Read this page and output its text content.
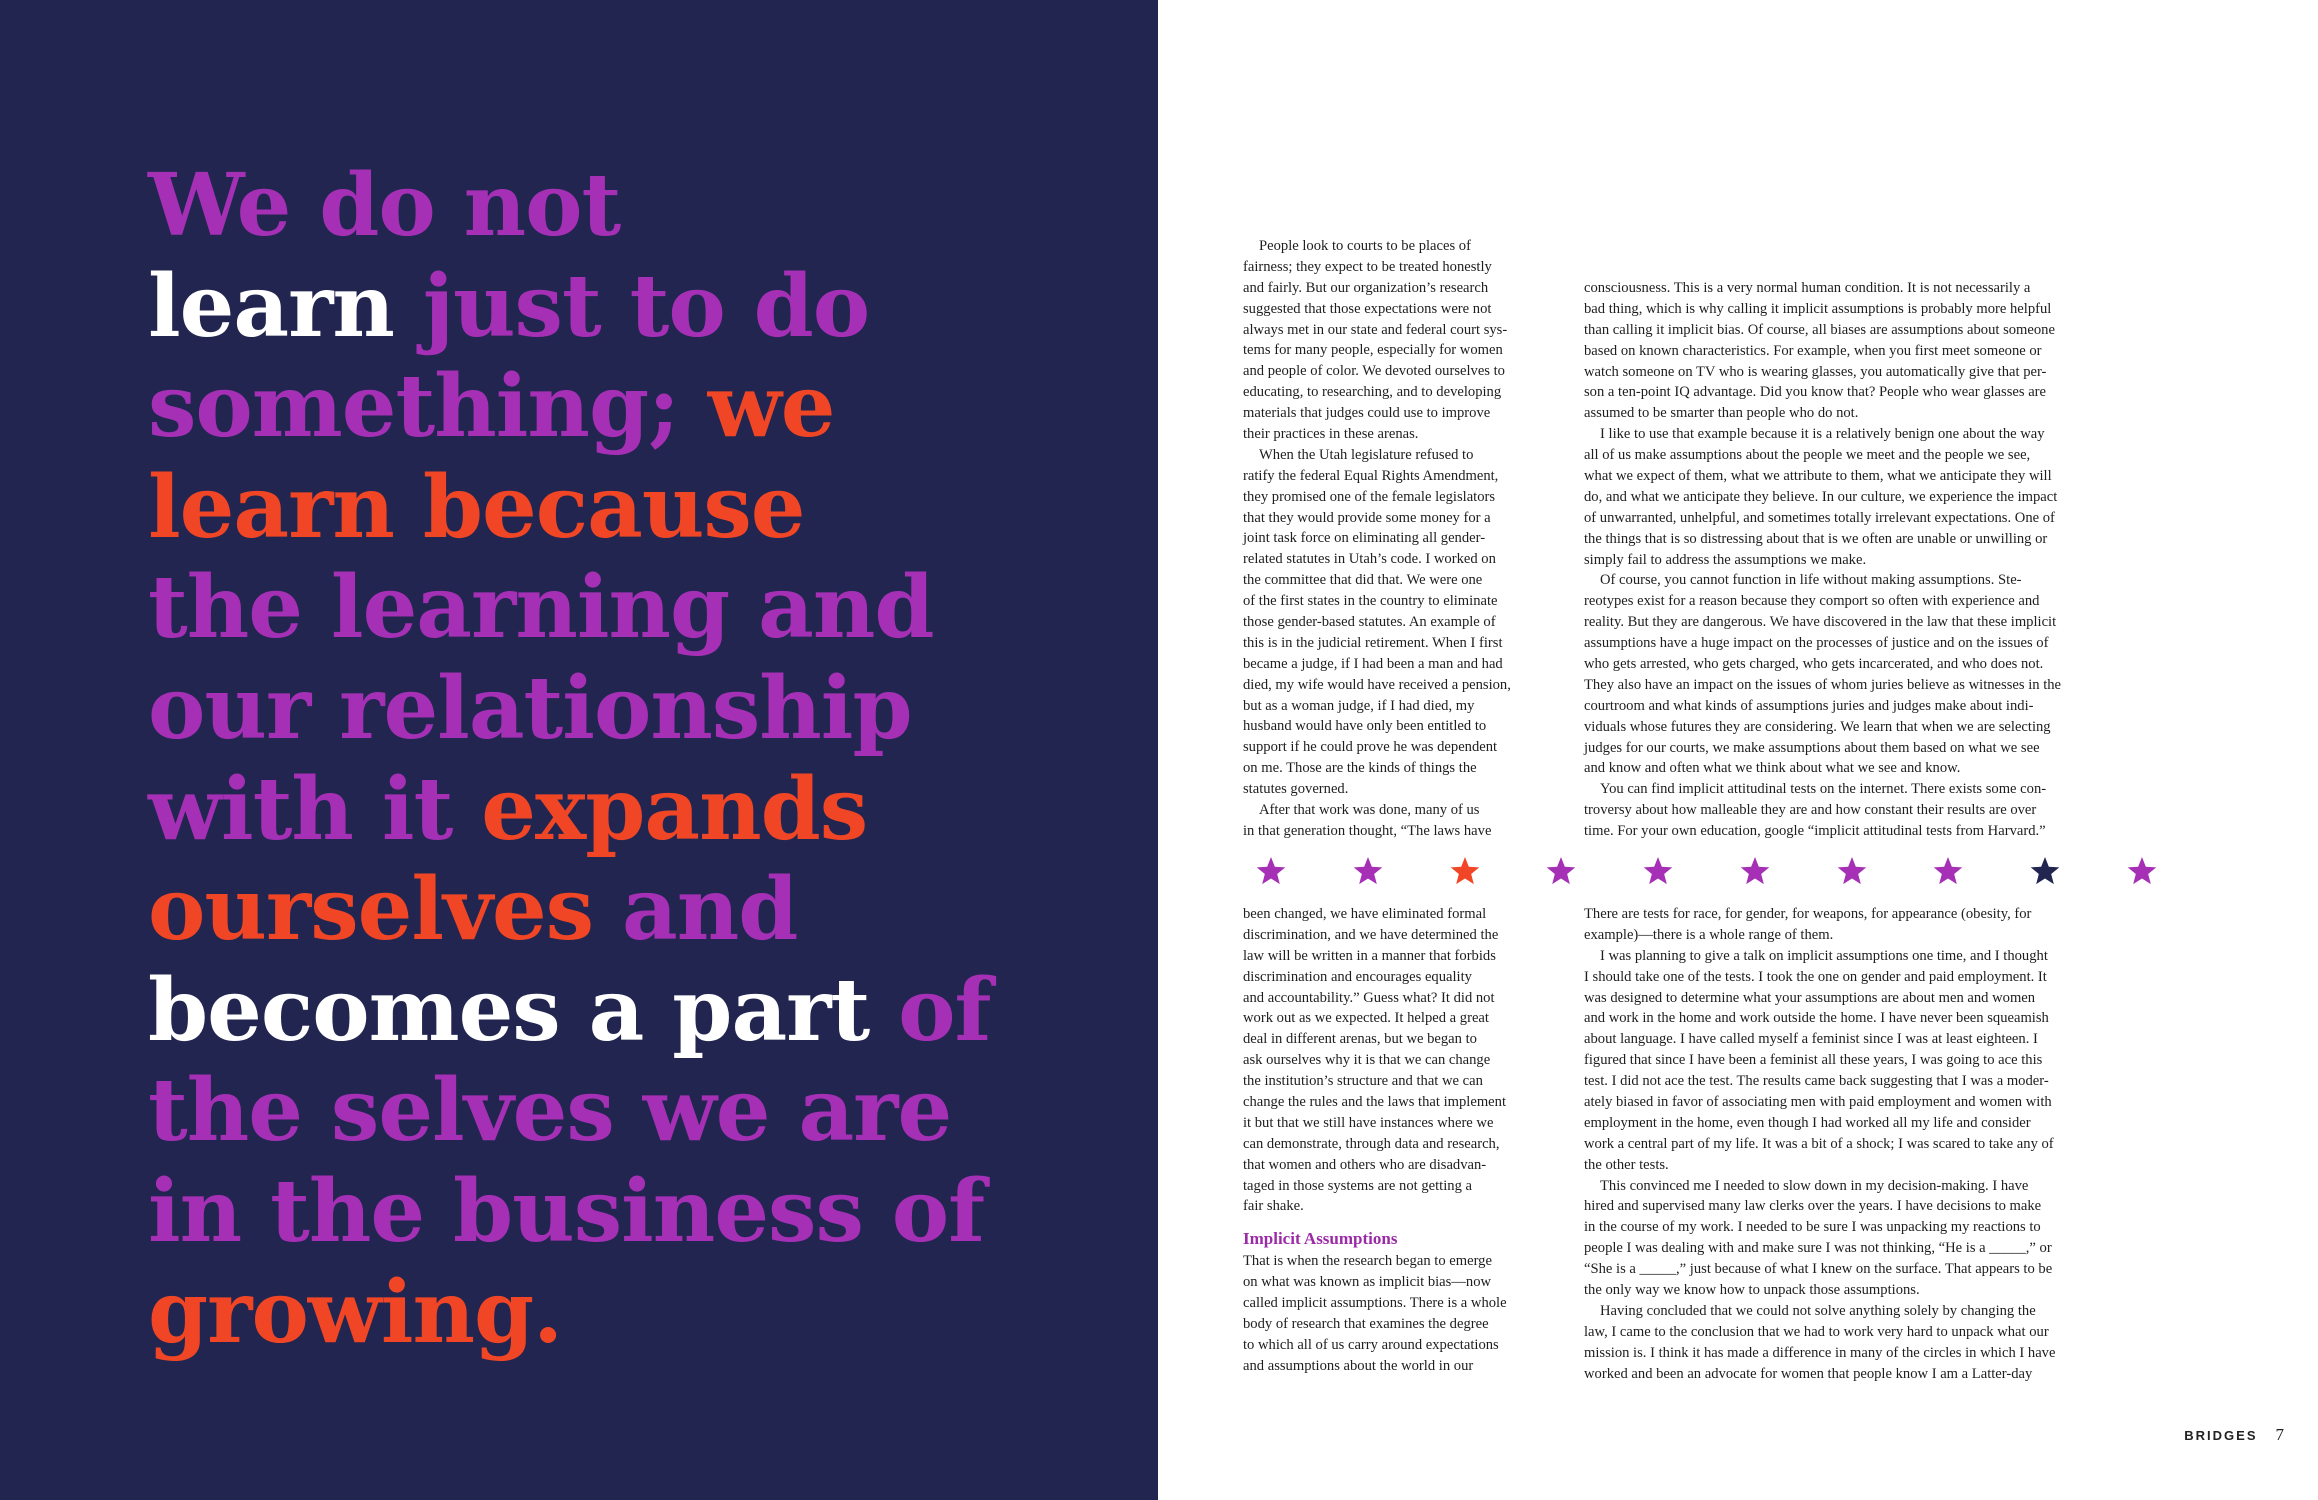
We do not
learn just to do
something; we
learn because
the learning and
our relationship
with it expands
ourselves and
becomes a part of
the selves we are
in the business of
growing.
People look to courts to be places of
fairness; they expect to be treated honestly
and fairly. But our organization’s research
suggested that those expectations were not
always met in our state and federal court sys-
tems for many people, especially for women
and people of color. We devoted ourselves to
educating, to researching, and to developing
materials that judges could use to improve
their practices in these arenas.
When the Utah legislature refused to
ratify the federal Equal Rights Amendment,
they promised one of the female legislators
that they would provide some money for a
joint task force on eliminating all gender-
related statutes in Utah’s code. I worked on
the committee that did that. We were one
of the first states in the country to eliminate
those gender-based statutes. An example of
this is in the judicial retirement. When I first
became a judge, if I had been a man and had
died, my wife would have received a pension,
but as a woman judge, if I had died, my
husband would have only been entitled to
support if he could prove he was dependent
on me. Those are the kinds of things the
statutes governed.
After that work was done, many of us
in that generation thought, “The laws have
consciousness. This is a very normal human condition. It is not necessarily a
bad thing, which is why calling it implicit assumptions is probably more helpful
than calling it implicit bias. Of course, all biases are assumptions about someone
based on known characteristics. For example, when you first meet someone or
watch someone on TV who is wearing glasses, you automatically give that per-
son a ten-point IQ advantage. Did you know that? People who wear glasses are
assumed to be smarter than people who do not.
I like to use that example because it is a relatively benign one about the way
all of us make assumptions about the people we meet and the people we see,
what we expect of them, what we attribute to them, what we anticipate they will
do, and what we anticipate they believe. In our culture, we experience the impact
of unwarranted, unhelpful, and sometimes totally irrelevant expectations. One of
the things that is so distressing about that is we often are unable or unwilling or
simply fail to address the assumptions we make.
Of course, you cannot function in life without making assumptions. Ste-
reotypes exist for a reason because they comport so often with experience and
reality. But they are dangerous. We have discovered in the law that these implicit
assumptions have a huge impact on the processes of justice and on the issues of
who gets arrested, who gets charged, who gets incarcerated, and who does not.
They also have an impact on the issues of whom juries believe as witnesses in the
courtroom and what kinds of assumptions juries and judges make about indi-
viduals whose futures they are considering. We learn that when we are selecting
judges for our courts, we make assumptions about them based on what we see
and know and often what we think about what we see and know.
You can find implicit attitudinal tests on the internet. There exists some con-
troversy about how malleable they are and how constant their results are over
time. For your own education, google “implicit attitudinal tests from Harvard.”
been changed, we have eliminated formal
discrimination, and we have determined the
law will be written in a manner that forbids
discrimination and encourages equality
and accountability.” Guess what? It did not
work out as we expected. It helped a great
deal in different arenas, but we began to
ask ourselves why it is that we can change
the institution’s structure and that we can
change the rules and the laws that implement
it but that we still have instances where we
can demonstrate, through data and research,
that women and others who are disadvan-
taged in those systems are not getting a
fair shake.
Implicit Assumptions
That is when the research began to emerge
on what was known as implicit bias—now
called implicit assumptions. There is a whole
body of research that examines the degree
to which all of us carry around expectations
and assumptions about the world in our
There are tests for race, for gender, for weapons, for appearance (obesity, for
example)—there is a whole range of them.
I was planning to give a talk on implicit assumptions one time, and I thought
I should take one of the tests. I took the one on gender and paid employment. It
was designed to determine what your assumptions are about men and women
and work in the home and work outside the home. I have never been squeamish
about language. I have called myself a feminist since I was at least eighteen. I
figured that since I have been a feminist all these years, I was going to ace this
test. I did not ace the test. The results came back suggesting that I was a moder-
ately biased in favor of associating men with paid employment and women with
employment in the home, even though I had worked all my life and consider
work a central part of my life. It was a bit of a shock; I was scared to take any of
the other tests.
This convinced me I needed to slow down in my decision-making. I have
hired and supervised many law clerks over the years. I have decisions to make
in the course of my work. I needed to be sure I was unpacking my reactions to
people I was dealing with and make sure I was not thinking, “He is a _____,” or
“She is a _____,” just because of what I knew on the surface. That appears to be
the only way we know how to unpack those assumptions.
Having concluded that we could not solve anything solely by changing the
law, I came to the conclusion that we had to work very hard to unpack what our
mission is. I think it has made a difference in many of the circles in which I have
worked and been an advocate for women that people know I am a Latter-day
BRIDGES 7
